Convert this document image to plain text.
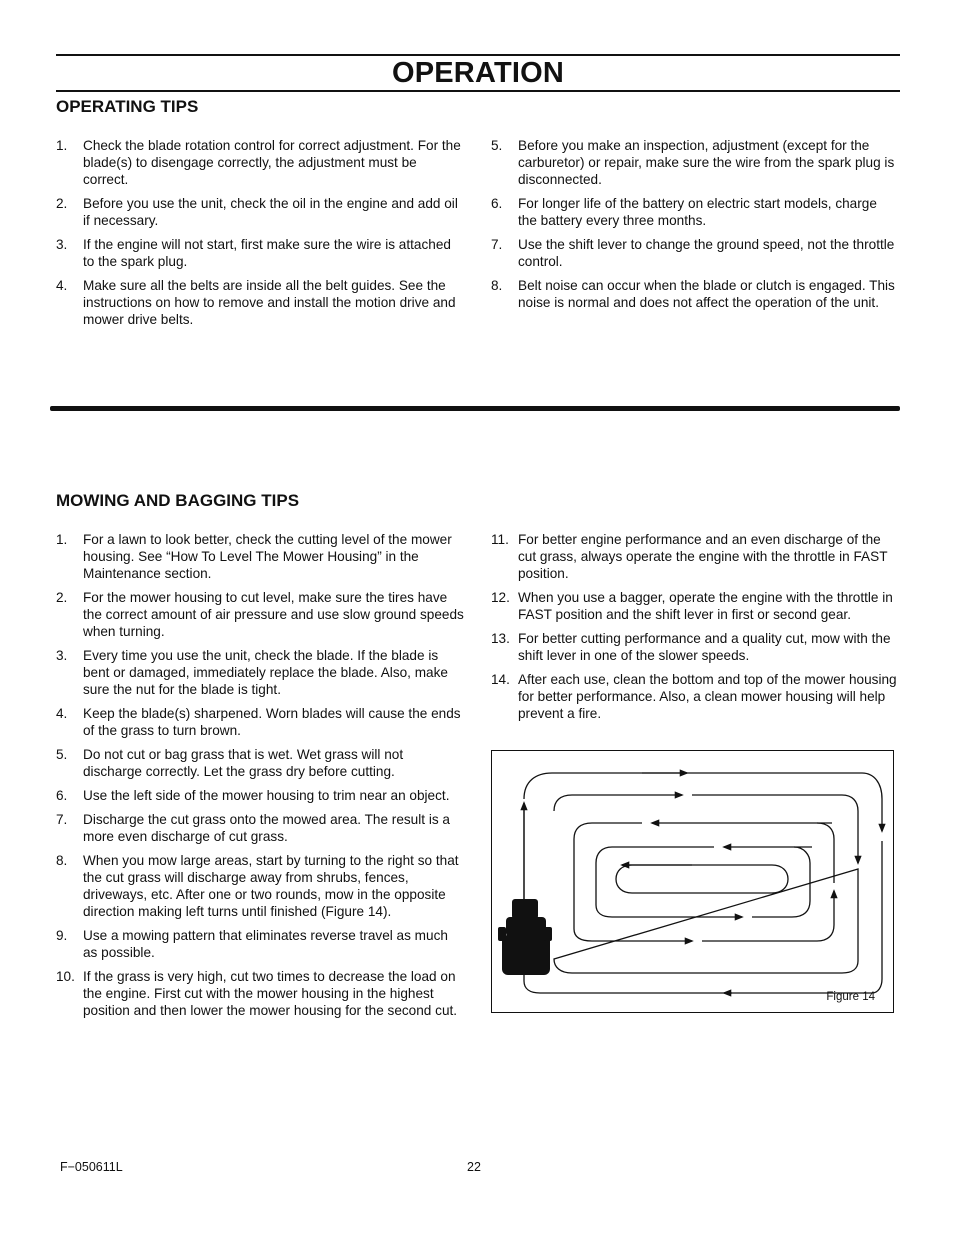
OPERATION
OPERATING TIPS
1. Check the blade rotation control for correct adjustment. For the blade(s) to disengage correctly, the adjustment must be correct.
2. Before you use the unit, check the oil in the engine and add oil if necessary.
3. If the engine will not start, first make sure the wire is attached to the spark plug.
4. Make sure all the belts are inside all the belt guides. See the instructions on how to remove and install the motion drive and mower drive belts.
5. Before you make an inspection, adjustment (except for the carburetor) or repair, make sure the wire from the spark plug is disconnected.
6. For longer life of the battery on electric start models, charge the battery every three months.
7. Use the shift lever to change the ground speed, not the throttle control.
8. Belt noise can occur when the blade or clutch is engaged. This noise is normal and does not affect the operation of the unit.
MOWING AND BAGGING TIPS
1. For a lawn to look better, check the cutting level of the mower housing. See “How To Level The Mower Housing” in the Maintenance section.
2. For the mower housing to cut level, make sure the tires have the correct amount of air pressure and use slow ground speeds when turning.
3. Every time you use the unit, check the blade. If the blade is bent or damaged, immediately replace the blade. Also, make sure the nut for the blade is tight.
4. Keep the blade(s) sharpened. Worn blades will cause the ends of the grass to turn brown.
5. Do not cut or bag grass that is wet. Wet grass will not discharge correctly. Let the grass dry before cutting.
6. Use the left side of the mower housing to trim near an object.
7. Discharge the cut grass onto the mowed area. The result is a more even discharge of cut grass.
8. When you mow large areas, start by turning to the right so that the cut grass will discharge away from shrubs, fences, driveways, etc. After one or two rounds, mow in the opposite direction making left turns until finished (Figure 14).
9. Use a mowing pattern that eliminates reverse travel as much as possible.
10. If the grass is very high, cut two times to decrease the load on the engine. First cut with the mower housing in the highest position and then lower the mower housing for the second cut.
11. For better engine performance and an even discharge of the cut grass, always operate the engine with the throttle in FAST position.
12. When you use a bagger, operate the engine with the throttle in FAST position and the shift lever in first or second gear.
13. For better cutting performance and a quality cut, mow with the shift lever in one of the slower speeds.
14. After each use, clean the bottom and top of the mower housing for better performance. Also, a clean mower housing will help prevent a fire.
Figure 14
F−050611L	22
